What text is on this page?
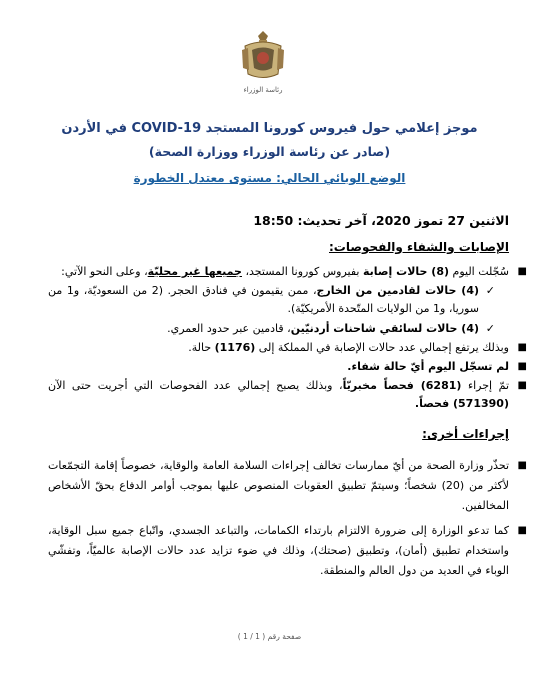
رئاسة الوزراء
موجز إعلامي حول فيروس كورونا المستجد COVID-19 في الأردن
(صادر عن رئاسة الوزراء ووزارة الصحة)
الوضع الوبائي الحالي: مستوى معتدل الخطورة
الاثنين 27 تموز 2020، آخر تحديث: 18:50
الإصابات والشفاء والفحوصات:
■
سُجّلت اليوم (8) حالات إصابة بفيروس كورونا المستجد، جميعها غير محليّة، وعلى النحو الآتي:
✓
(4) حالات لقادمين من الخارج، ممن يقيمون في فنادق الحجر. (2 من السعوديّة، و1 من سوريا، و1 من الولايات المتّحدة الأمريكيّة).
✓
(4) حالات لسائقي شاحنات أردنيّين، قادمين عبر حدود العمري.
■
وبذلك يرتفع إجمالي عدد حالات الإصابة في المملكة إلى (1176) حالة.
■
لم تسجّل اليوم أيّ حالة شفاء.
■
تمّ إجراء (6281) فحصاً مخبريّاً، وبذلك يصبح إجمالي عدد الفحوصات التي أجريت حتى الآن (571390) فحصاً.
إجراءات أخرى:
■
تحذّر وزارة الصحة من أيّ ممارسات تخالف إجراءات السلامة العامة والوقاية، خصوصاً إقامة التجمّعات لأكثر من (20) شخصاً؛ وسيتمّ تطبيق العقوبات المنصوص عليها بموجب أوامر الدفاع بحقّ الأشخاص المخالفين.
■
كما تدعو الوزارة إلى ضرورة الالتزام بارتداء الكمامات، والتباعد الجسدي، واتّباع جميع سبل الوقاية، واستخدام تطبيق (أمان)، وتطبيق (صحتك)، وذلك في ضوء تزايد عدد حالات الإصابة عالميّاً، وتفشّي الوباء في العديد من دول العالم والمنطقة.
صفحة رقم ( 1 / 1 )
